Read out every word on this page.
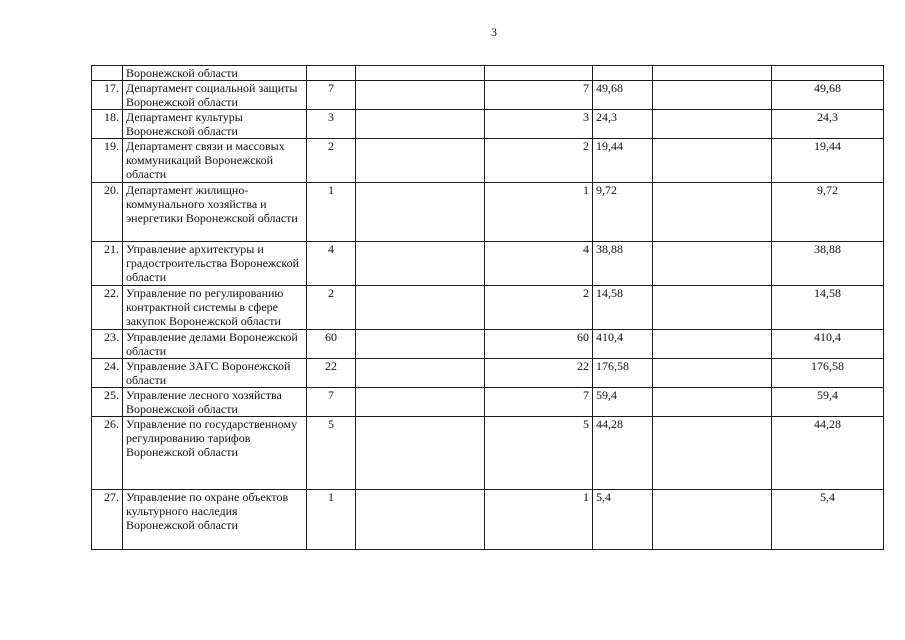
3
	Воронежской области						
17.	Департамент социальной защиты Воронежской области	7		7	49,68		49,68
18.	Департамент культуры Воронежской области	3		3	24,3		24,3
19.	Департамент связи и массовых коммуникаций Воронежской области	2		2	19,44		19,44
20.	Департамент жилищно-коммунального хозяйства и энергетики Воронежской области	1		1	9,72		9,72
21.	Управление архитектуры и градостроительства Воронежской области	4		4	38,88		38,88
22.	Управление по регулированию контрактной системы в сфере закупок Воронежской области	2		2	14,58		14,58
23.	Управление делами Воронежской области	60		60	410,4		410,4
24.	Управление ЗАГС Воронежской области	22		22	176,58		176,58
25.	Управление лесного хозяйства Воронежской области	7		7	59,4		59,4
26.	Управление по государственному регулированию тарифов Воронежской области	5		5	44,28		44,28
27.	Управление по охране объектов культурного наследия Воронежской области	1		1	5,4		5,4
